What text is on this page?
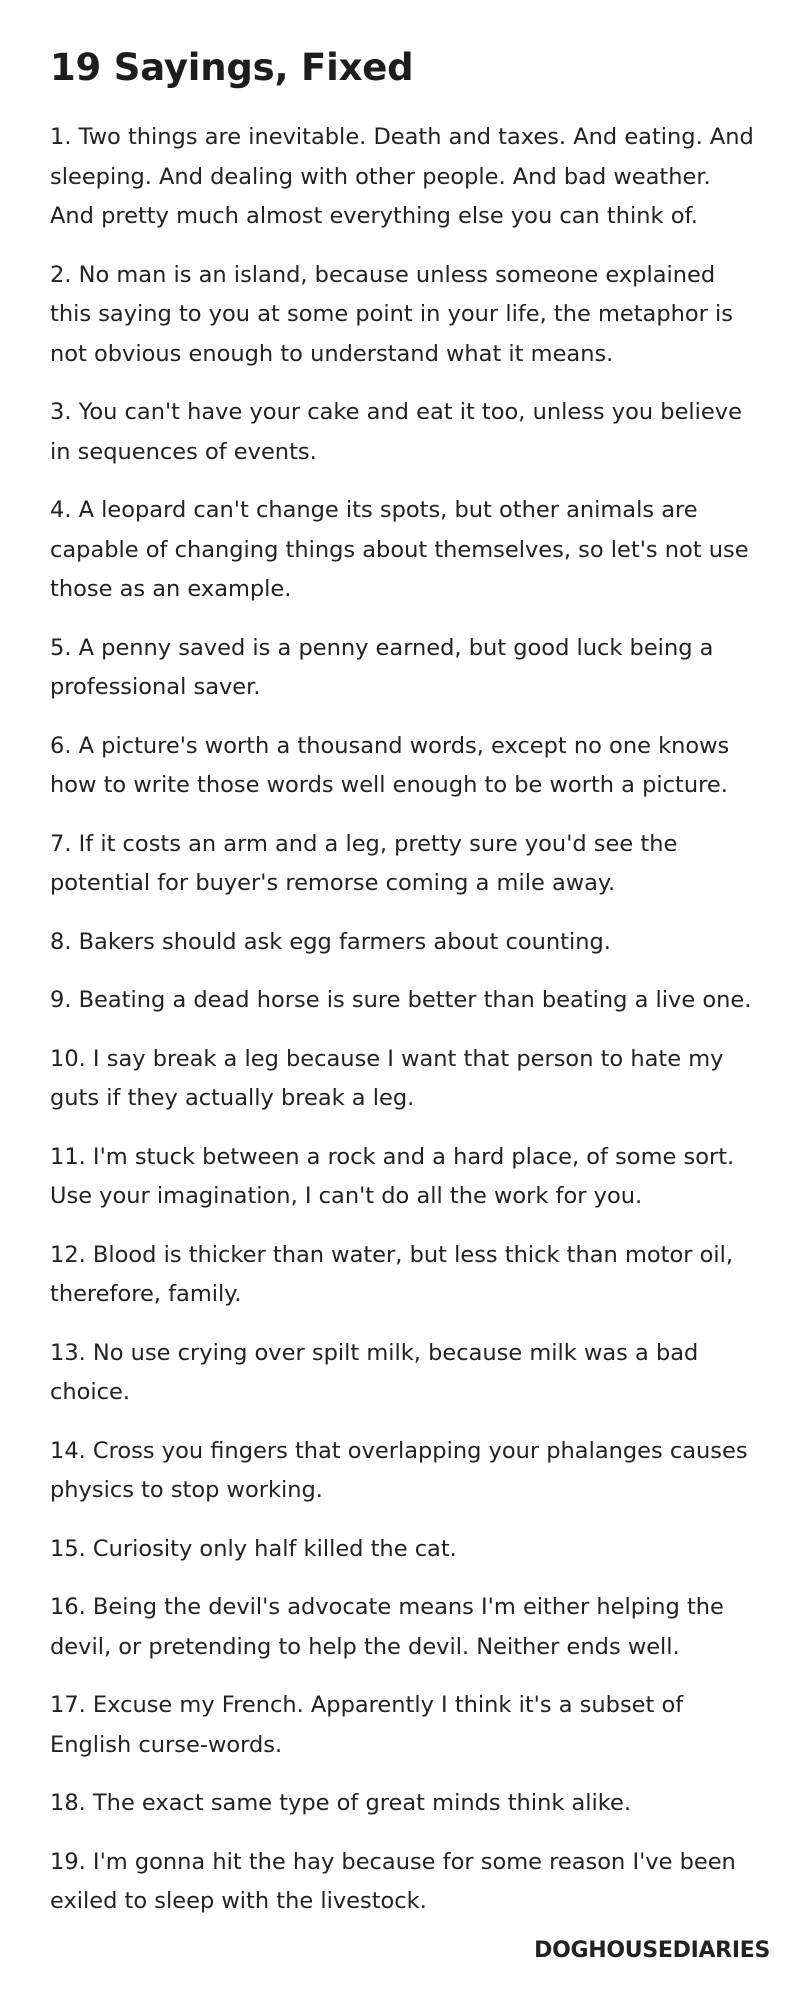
19 Sayings, Fixed
1. Two things are inevitable. Death and taxes. And eating. And sleeping. And dealing with other people. And bad weather. And pretty much almost everything else you can think of.
2. No man is an island, because unless someone explained this saying to you at some point in your life, the metaphor is not obvious enough to understand what it means.
3. You can't have your cake and eat it too, unless you believe in sequences of events.
4. A leopard can't change its spots, but other animals are capable of changing things about themselves, so let's not use those as an example.
5. A penny saved is a penny earned, but good luck being a professional saver.
6. A picture's worth a thousand words, except no one knows how to write those words well enough to be worth a picture.
7. If it costs an arm and a leg, pretty sure you'd see the potential for buyer's remorse coming a mile away.
8. Bakers should ask egg farmers about counting.
9. Beating a dead horse is sure better than beating a live one.
10. I say break a leg because I want that person to hate my guts if they actually break a leg.
11. I'm stuck between a rock and a hard place, of some sort. Use your imagination, I can't do all the work for you.
12. Blood is thicker than water, but less thick than motor oil, therefore, family.
13. No use crying over spilt milk, because milk was a bad choice.
14. Cross you fingers that overlapping your phalanges causes physics to stop working.
15. Curiosity only half killed the cat.
16. Being the devil's advocate means I'm either helping the devil, or pretending to help the devil. Neither ends well.
17. Excuse my French. Apparently I think it's a subset of English curse-words.
18. The exact same type of great minds think alike.
19. I'm gonna hit the hay because for some reason I've been exiled to sleep with the livestock.
DOGHOUSEDIARIES
